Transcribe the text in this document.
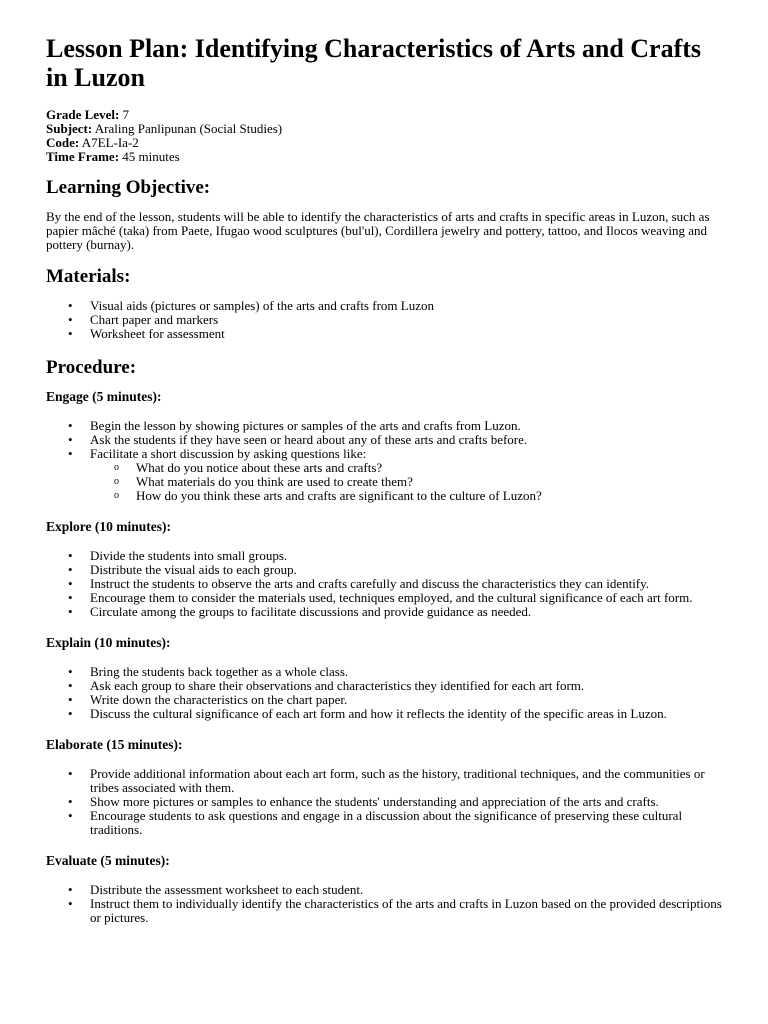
Lesson Plan: Identifying Characteristics of Arts and Crafts in Luzon
Grade Level: 7
Subject: Araling Panlipunan (Social Studies)
Code: A7EL-Ia-2
Time Frame: 45 minutes
Learning Objective:

By the end of the lesson, students will be able to identify the characteristics of arts and crafts in specific areas in Luzon, such as papier mâché (taka) from Paete, Ifugao wood sculptures (bul'ul), Cordillera jewelry and pottery, tattoo, and Ilocos weaving and pottery (burnay).

Materials:
• Visual aids (pictures or samples) of the arts and crafts from Luzon
• Chart paper and markers
• Worksheet for assessment
Procedure:
Engage (5 minutes):
• Begin the lesson by showing pictures or samples of the arts and crafts from Luzon.
• Ask the students if they have seen or heard about any of these arts and crafts before.
• Facilitate a short discussion by asking questions like:
o What do you notice about these arts and crafts?
o What materials do you think are used to create them?
o How do you think these arts and crafts are significant to the culture of Luzon?
Explore (10 minutes):
• Divide the students into small groups.
• Distribute the visual aids to each group.
• Instruct the students to observe the arts and crafts carefully and discuss the characteristics they can identify.
• Encourage them to consider the materials used, techniques employed, and the cultural significance of each art form.
• Circulate among the groups to facilitate discussions and provide guidance as needed.
Explain (10 minutes):
• Bring the students back together as a whole class.
• Ask each group to share their observations and characteristics they identified for each art form.
• Write down the characteristics on the chart paper.
• Discuss the cultural significance of each art form and how it reflects the identity of the specific areas in Luzon.
Elaborate (15 minutes):
• Provide additional information about each art form, such as the history, traditional techniques, and the communities or tribes associated with them.
• Show more pictures or samples to enhance the students' understanding and appreciation of the arts and crafts.
• Encourage students to ask questions and engage in a discussion about the significance of preserving these cultural traditions.
Evaluate (5 minutes):
• Distribute the assessment worksheet to each student.
• Instruct them to individually identify the characteristics of the arts and crafts in Luzon based on the provided descriptions or pictures.
